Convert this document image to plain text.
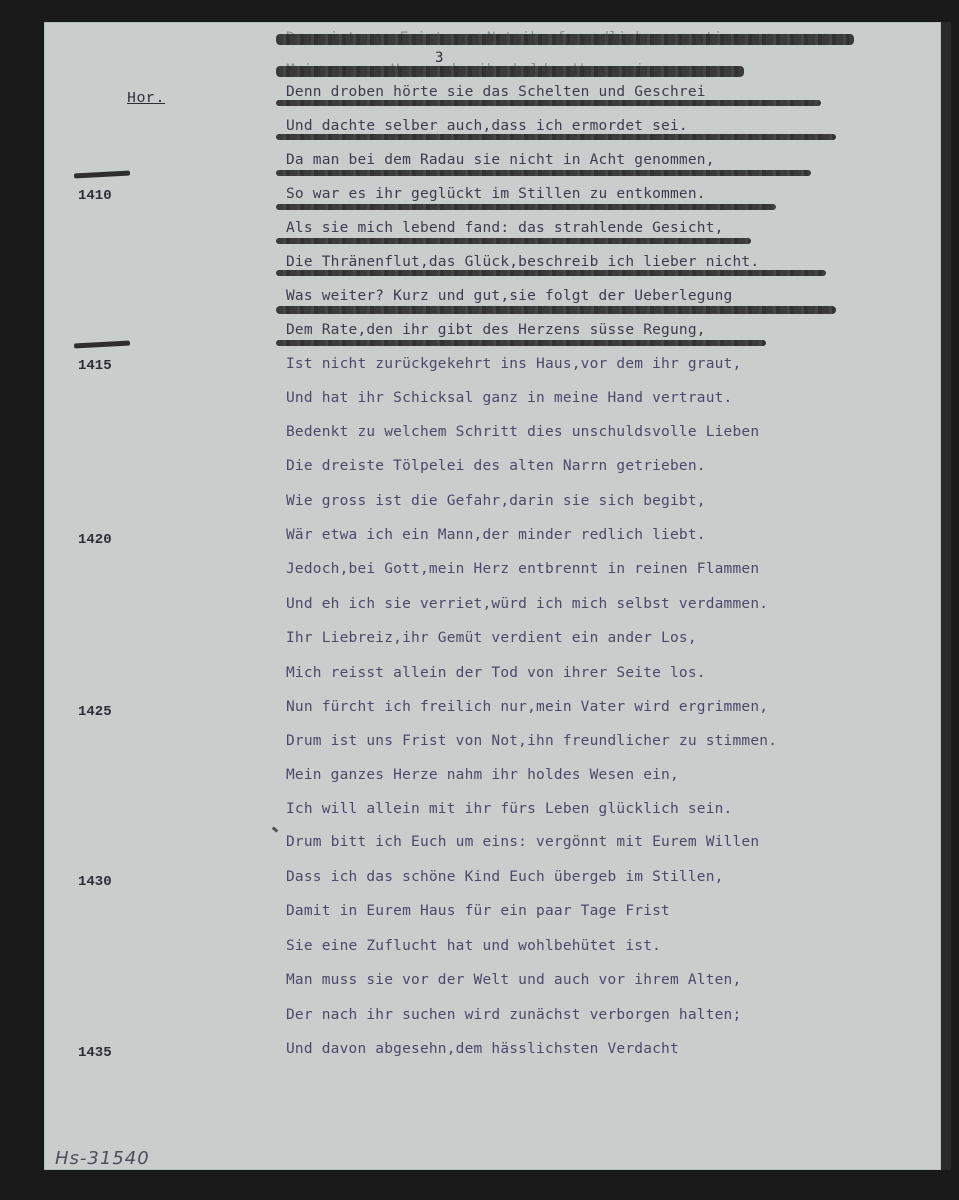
3
Hor.	Denn droben hörte sie das Schelten und Geschrei
Und dachte selber auch,dass ich ermordet sei.
Da man bei dem Radau sie nicht in Acht genommen,
So war es ihr geglückt im Stillen zu entkommen.
Als sie mich lebend fand: das strahlende Gesicht,
Die Thränenflut,das Glück,beschreib ich lieber nicht.
Was weiter? Kurz und gut,sie folgt der Ueberlegung
Dem Rate,den ihr gibt des Herzens süsse Regung,
1410
1415
1420
1425
1430
1435
Ist nicht zurückgekehrt ins Haus,vor dem ihr graut,
Und hat ihr Schicksal ganz in meine Hand vertraut.
Bedenkt zu welchem Schritt dies unschuldsvolle Lieben
Die dreiste Tölpelei des alten Narrn getrieben.
Wie gross ist die Gefahr,darin sie sich begibt,
Wär etwa ich ein Mann,der minder redlich liebt.
Jedoch,bei Gott,mein Herz entbrennt in reinen Flammen
Und eh ich sie verriet,würd ich mich selbst verdammen.
Ihr Liebreiz,ihr Gemüt verdient ein ander Los,
Mich reisst allein der Tod von ihrer Seite los.
Nun fürcht ich freilich nur,mein Vater wird ergrimmen,
Drum ist uns Frist von Not,ihn freundlicher zu stimmen.
Mein ganzes Herze nahm ihr holdes Wesen ein,
Ich will allein mit ihr fürs Leben glücklich sein.
Drum bitt ich Euch um eins: vergönnt mit Eurem Willen
Dass ich das schöne Kind Euch übergeb im Stillen,
Damit in Eurem Haus für ein paar Tage Frist
Sie eine Zuflucht hat und wohlbehütet ist.
Man muss sie vor der Welt und auch vor ihrem Alten,
Der nach ihr suchen wird zunächst verborgen halten;
Und davon abgesehn,dem hässlichsten Verdacht
Hs-31540
